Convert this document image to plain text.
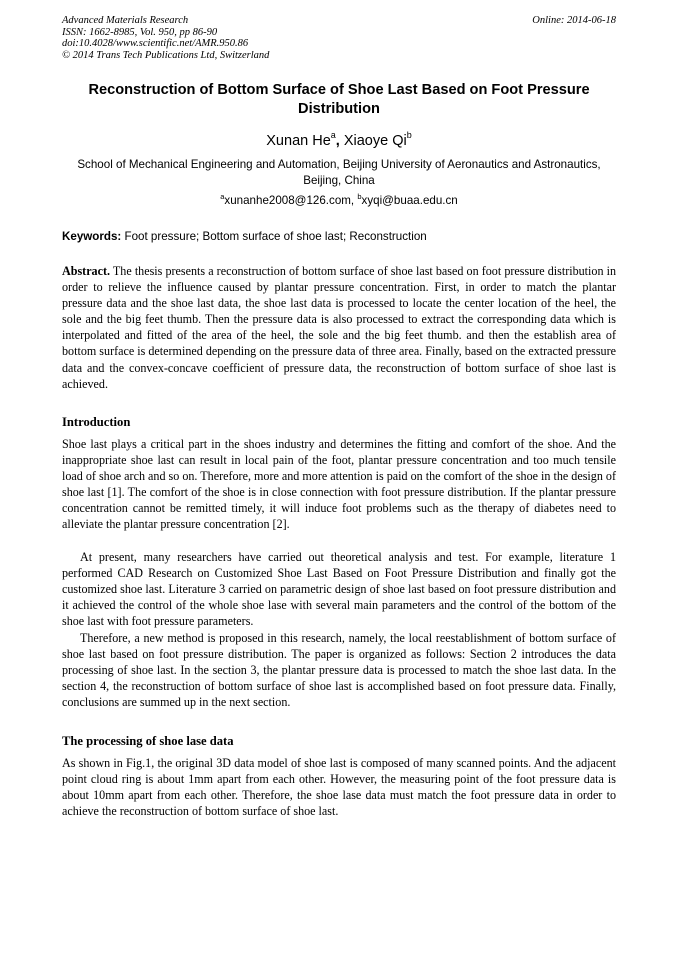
Advanced Materials Research
ISSN: 1662-8985, Vol. 950, pp 86-90
doi:10.4028/www.scientific.net/AMR.950.86
© 2014 Trans Tech Publications Ltd, Switzerland
Online: 2014-06-18
Reconstruction of Bottom Surface of Shoe Last Based on Foot Pressure Distribution
Xunan He$^a$, Xiaoye Qi$^b$
School of Mechanical Engineering and Automation, Beijing University of Aeronautics and Astronautics, Beijing, China
$^a$xunanhe2008@126.com, $^b$xyqi@buaa.edu.cn
Keywords: Foot pressure; Bottom surface of shoe last; Reconstruction

Abstract. The thesis presents a reconstruction of bottom surface of shoe last based on foot pressure distribution in order to relieve the influence caused by plantar pressure concentration. First, in order to match the plantar pressure data and the shoe last data, the shoe last data is processed to locate the center location of the heel, the sole and the big feet thumb. Then the pressure data is also processed to extract the corresponding data which is interpolated and fitted of the area of the heel, the sole and the big feet thumb. and then the establish area of bottom surface is determined depending on the pressure data of three area. Finally, based on the extracted pressure data and the convex-concave coefficient of pressure data, the reconstruction of bottom surface of shoe last is achieved.

Introduction

Shoe last plays a critical part in the shoes industry and determines the fitting and comfort of the shoe. And the inappropriate shoe last can result in local pain of the foot, plantar pressure concentration and too much tensile load of shoe arch and so on. Therefore, more and more attention is paid on the comfort of the shoe in the design of shoe last [1]. The comfort of the shoe is in close connection with foot pressure distribution. If the plantar pressure concentration cannot be remitted timely, it will induce foot problems such as the therapy of diabetes need to alleviate the plantar pressure concentration [2].

At present, many researchers have carried out theoretical analysis and test. For example, literature 1 performed CAD Research on Customized Shoe Last Based on Foot Pressure Distribution and finally got the customized shoe last. Literature 3 carried on parametric design of shoe last based on foot pressure distribution and it achieved the control of the whole shoe lase with several main parameters and the control of the bottom of the shoe last with foot pressure parameters.

Therefore, a new method is proposed in this research, namely, the local reestablishment of bottom surface of shoe last based on foot pressure distribution. The paper is organized as follows: Section 2 introduces the data processing of shoe last. In the section 3, the plantar pressure data is processed to match the shoe last data. In the section 4, the reconstruction of bottom surface of shoe last is accomplished based on foot pressure data. Finally, conclusions are summed up in the next section.

The processing of shoe lase data

As shown in Fig.1, the original 3D data model of shoe last is composed of many scanned points. And the adjacent point cloud ring is about 1mm apart from each other. However, the measuring point of the foot pressure data is about 10mm apart from each other. Therefore, the shoe lase data must match the foot pressure data in order to achieve the reconstruction of bottom surface of shoe last.
